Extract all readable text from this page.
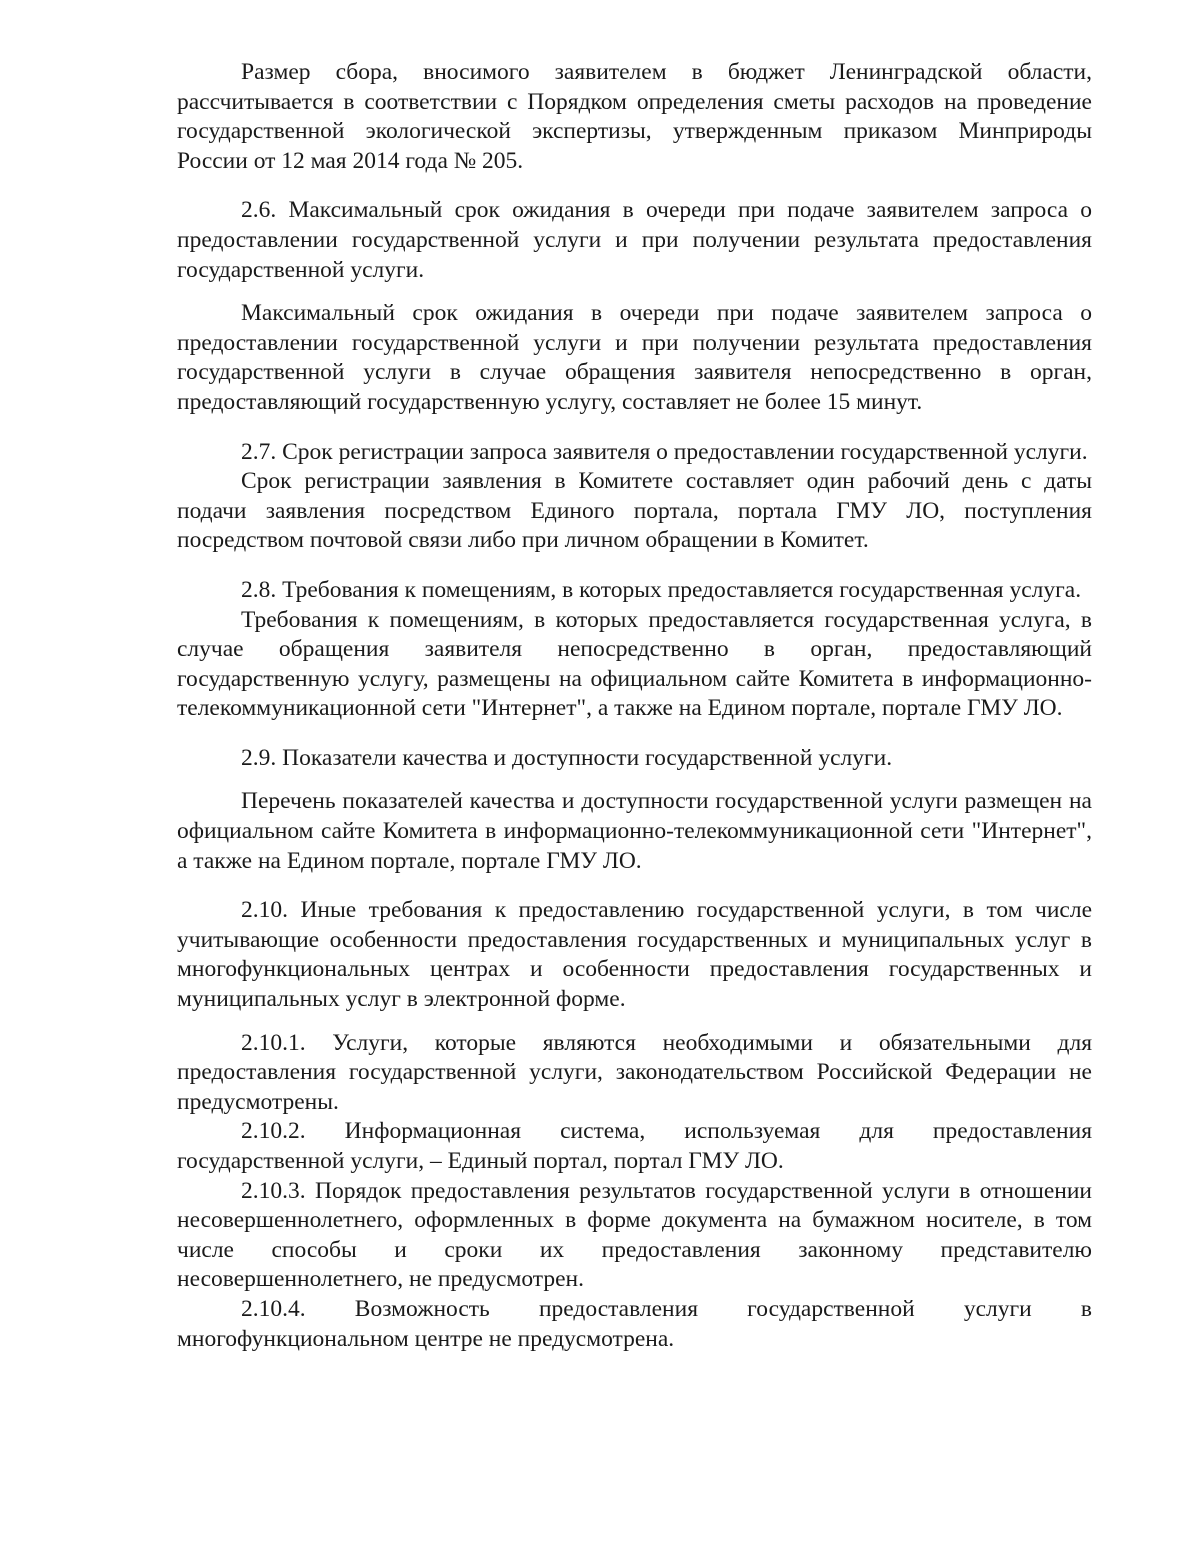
Размер сбора, вносимого заявителем в бюджет Ленинградской области, рассчитывается в соответствии с Порядком определения сметы расходов на проведение государственной экологической экспертизы, утвержденным приказом Минприроды России от 12 мая 2014 года № 205.

2.6. Максимальный срок ожидания в очереди при подаче заявителем запроса о предоставлении государственной услуги и при получении результата предоставления государственной услуги.

Максимальный срок ожидания в очереди при подаче заявителем запроса о предоставлении государственной услуги и при получении результата предоставления государственной услуги в случае обращения заявителя непосредственно в орган, предоставляющий государственную услугу, составляет не более 15 минут.

2.7. Срок регистрации запроса заявителя о предоставлении государственной услуги.

Срок регистрации заявления в Комитете составляет один рабочий день с даты подачи заявления посредством Единого портала, портала ГМУ ЛО, поступления посредством почтовой связи либо при личном обращении в Комитет.

2.8. Требования к помещениям, в которых предоставляется государственная услуга.

Требования к помещениям, в которых предоставляется государственная услуга, в случае обращения заявителя непосредственно в орган, предоставляющий государственную услугу, размещены на официальном сайте Комитета в информационно-телекоммуникационной сети "Интернет", а также на Едином портале, портале ГМУ ЛО.

2.9. Показатели качества и доступности государственной услуги.

Перечень показателей качества и доступности государственной услуги размещен на официальном сайте Комитета в информационно-телекоммуникационной сети "Интернет", а также на Едином портале, портале ГМУ ЛО.

2.10. Иные требования к предоставлению государственной услуги, в том числе учитывающие особенности предоставления государственных и муниципальных услуг в многофункциональных центрах и особенности предоставления государственных и муниципальных услуг в электронной форме.

2.10.1. Услуги, которые являются необходимыми и обязательными для предоставления государственной услуги, законодательством Российской Федерации не предусмотрены.

2.10.2. Информационная система, используемая для предоставления государственной услуги, – Единый портал, портал ГМУ ЛО.

2.10.3. Порядок предоставления результатов государственной услуги в отношении несовершеннолетнего, оформленных в форме документа на бумажном носителе, в том числе способы и сроки их предоставления законному представителю несовершеннолетнего, не предусмотрен.

2.10.4. Возможность предоставления государственной услуги в многофункциональном центре не предусмотрена.
